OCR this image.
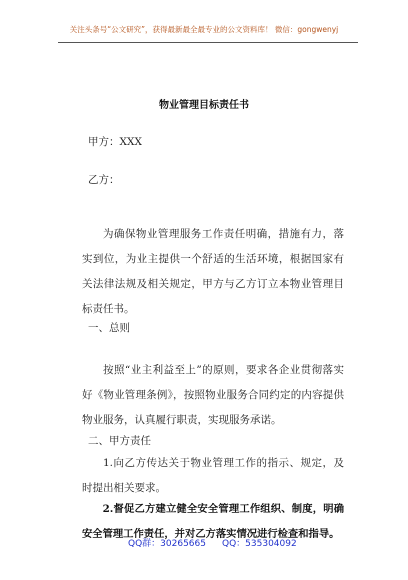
关注头条号“公文研究”，获得最新最全最专业的公文资料库！ 微信：gongwenyj
物业管理目标责任书
甲方：XXX
乙方：

为确保物业管理服务工作责任明确，措施有力，落实到位，为业主提供一个舒适的生活环境，根据国家有关法律法规及相关规定，甲方与乙方订立本物业管理目标责任书。

一、总则

按照“业主利益至上”的原则，要求各企业贯彻落实好《物业管理条例》，按照物业服务合同约定的内容提供物业服务，认真履行职责，实现服务承诺。

二、甲方责任

1.向乙方传达关于物业管理工作的指示、规定，及时提出相关要求。

2.督促乙方建立健全安全管理工作组织、制度，明确安全管理工作责任，并对乙方落实情况进行检查和指导。

QQ群：30265665 QQ：535304092
